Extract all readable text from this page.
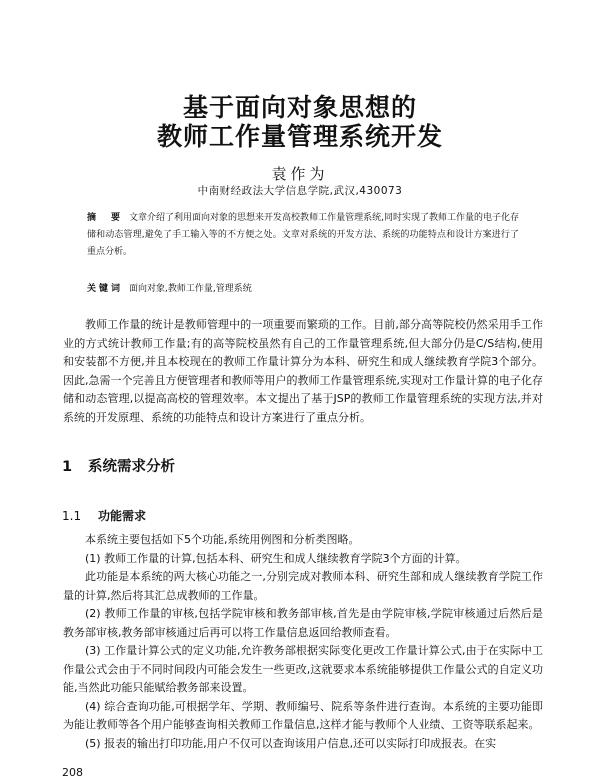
基于面向对象思想的
教师工作量管理系统开发
袁作为
中南财经政法大学信息学院,武汉,430073
摘　要 文章介绍了利用面向对象的思想来开发高校教师工作量管理系统,同时实现了教师工作量的电子化存储和动态管理,避免了手工输入等的不方便之处。文章对系统的开发方法、系统的功能特点和设计方案进行了重点分析。
关键词 面向对象,教师工作量,管理系统

教师工作量的统计是教师管理中的一项重要而繁琐的工作。目前,部分高等院校仍然采用手工作业的方式统计教师工作量;有的高等院校虽然有自己的工作量管理系统,但大部分仍是C/S结构,使用和安装都不方便,并且本校现在的教师工作量计算分为本科、研究生和成人继续教育学院3个部分。因此,急需一个完善且方便管理者和教师等用户的教师工作量管理系统,实现对工作量计算的电子化存储和动态管理,以提高高校的管理效率。本文提出了基于JSP的教师工作量管理系统的实现方法,并对系统的开发原理、系统的功能特点和设计方案进行了重点分析。

1 系统需求分析
1.1 功能需求

本系统主要包括如下5个功能,系统用例图和分析类图略。

(1) 教师工作量的计算,包括本科、研究生和成人继续教育学院3个方面的计算。

此功能是本系统的两大核心功能之一,分别完成对教师本科、研究生部和成人继续教育学院工作量的计算,然后将其汇总成教师的工作量。

(2) 教师工作量的审核,包括学院审核和教务部审核,首先是由学院审核,学院审核通过后然后是教务部审核,教务部审核通过后再可以将工作量信息返回给教师查看。

(3) 工作量计算公式的定义功能,允许教务部根据实际变化更改工作量计算公式,由于在实际中工作量公式会由于不同时间段内可能会发生一些更改,这就要求本系统能够提供工作量公式的自定义功能,当然此功能只能赋给教务部来设置。

(4) 综合查询功能,可根据学年、学期、教师编号、院系等条件进行查询。本系统的主要功能即为能让教师等各个用户能够查询相关教师工作量信息,这样才能与教师个人业绩、工资等联系起来。

(5) 报表的输出打印功能,用户不仅可以查询该用户信息,还可以实际打印成报表。在实

208
